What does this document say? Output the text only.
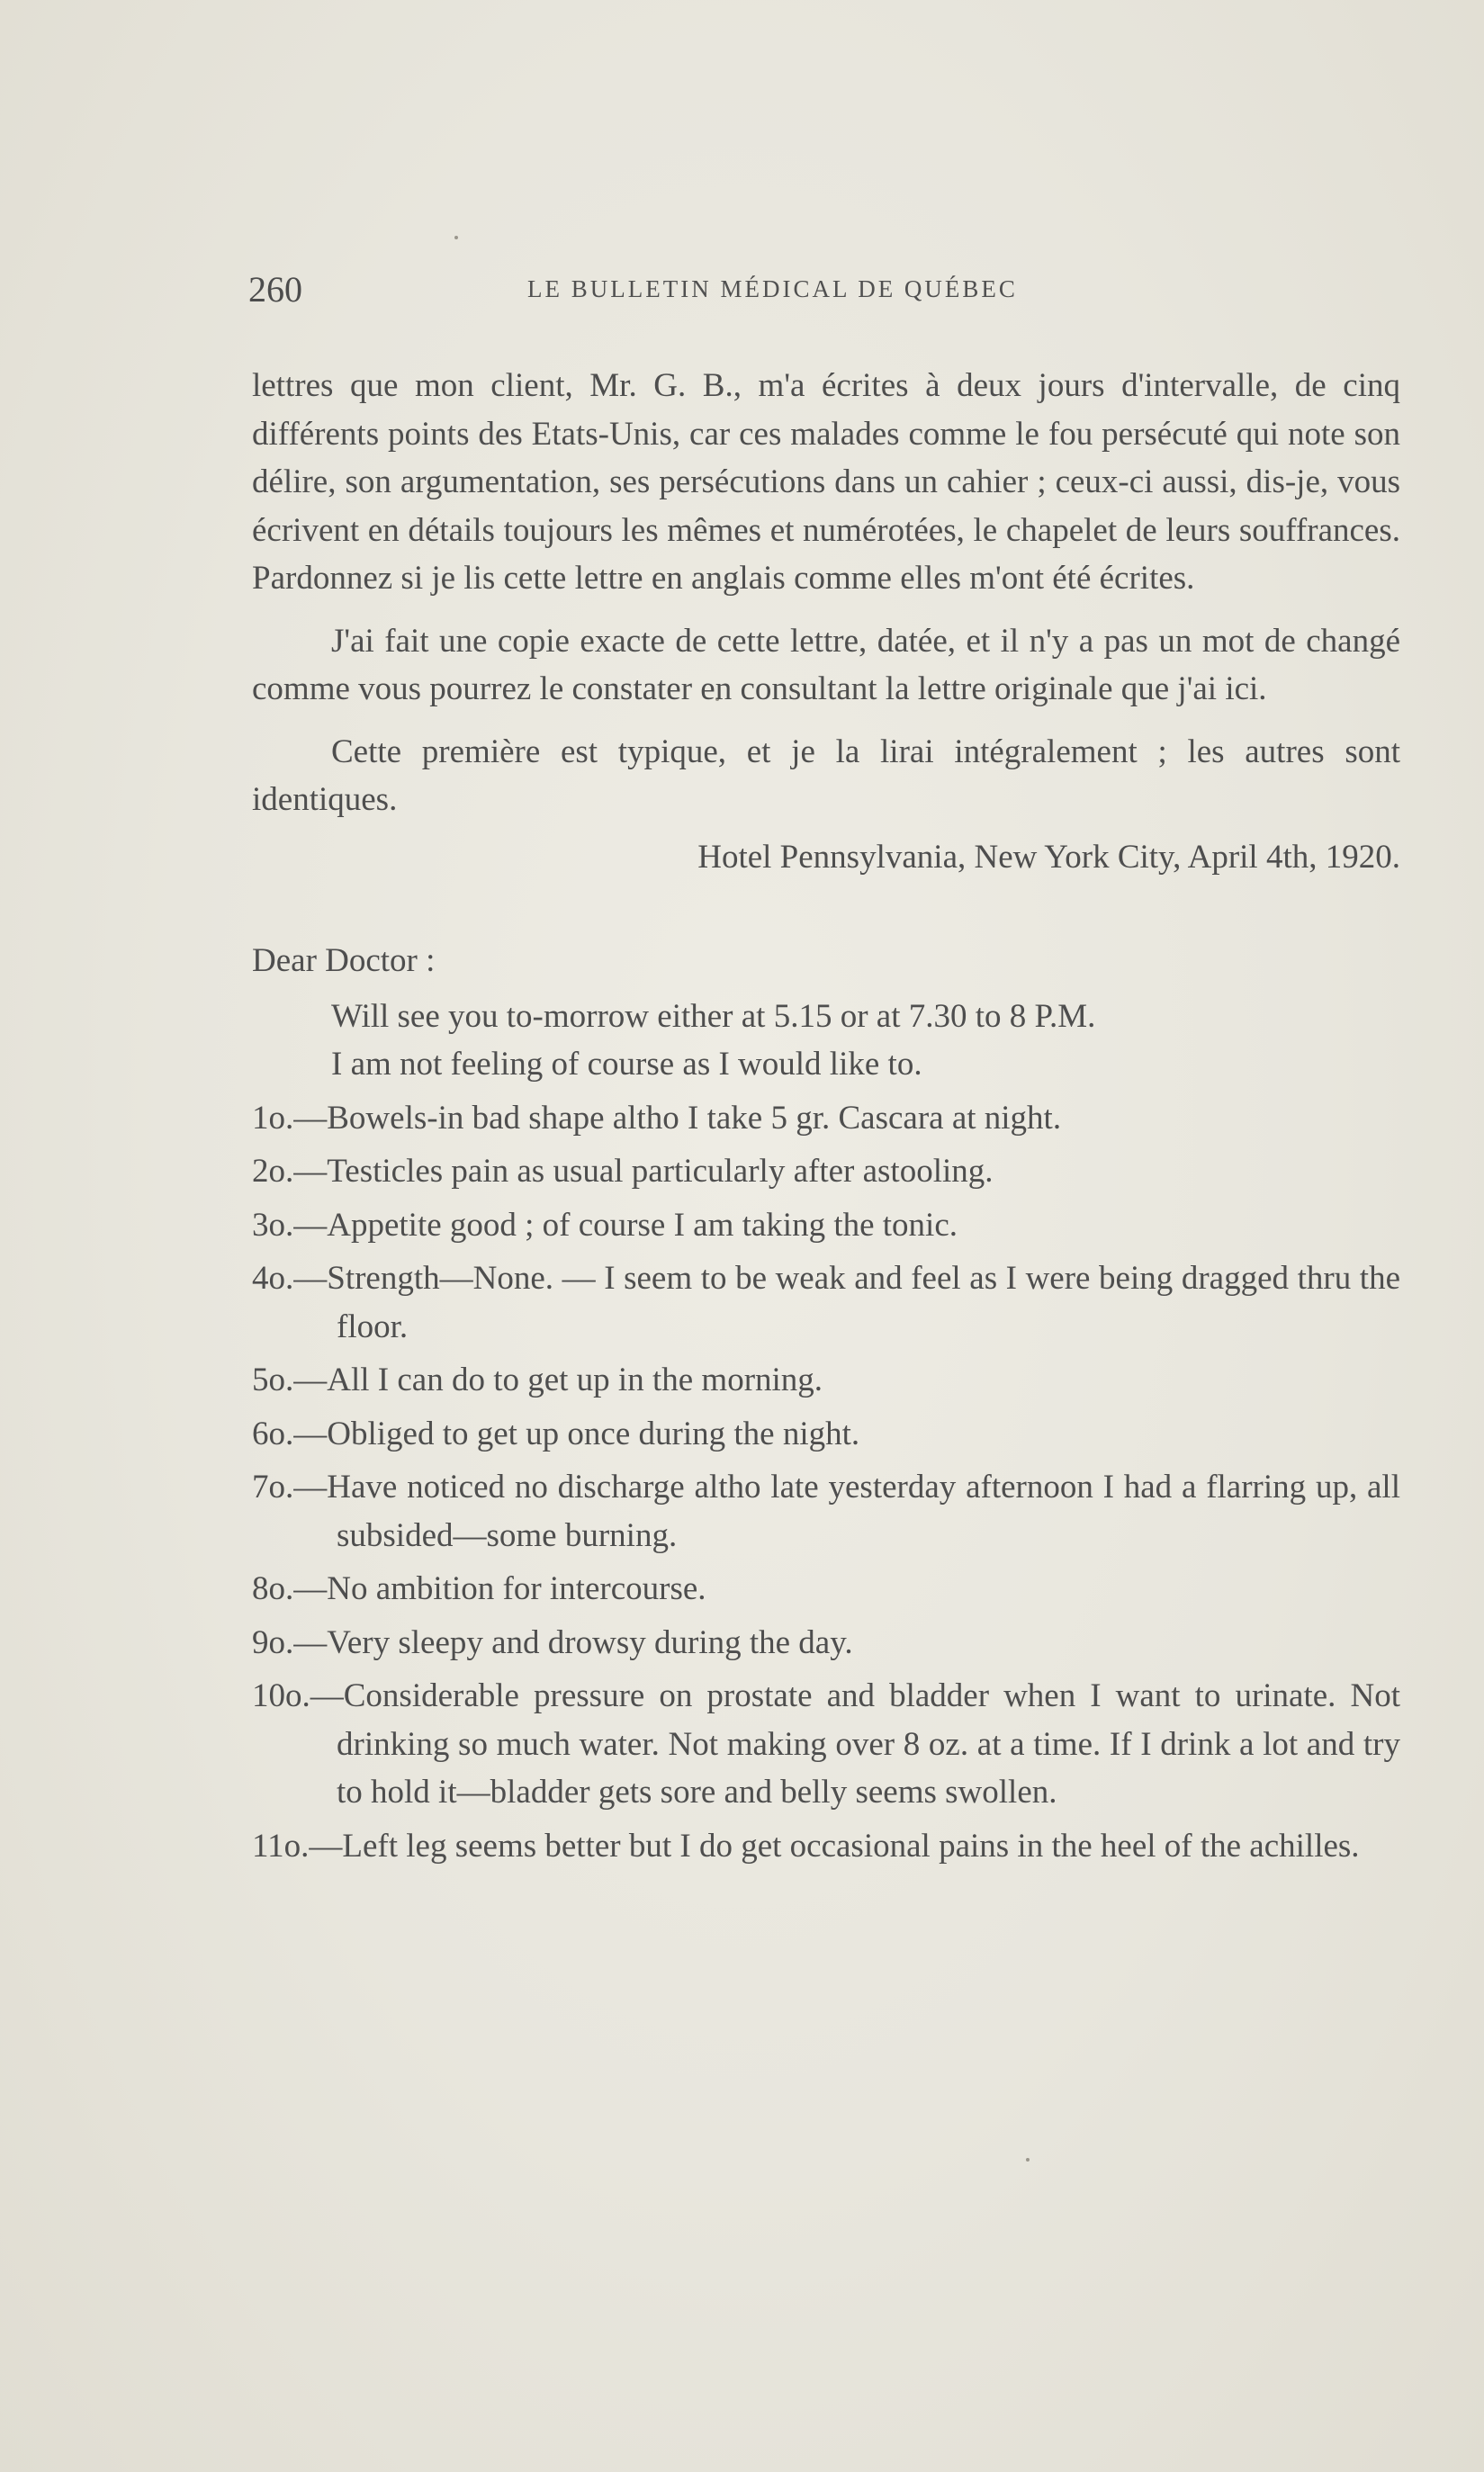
260	LE BULLETIN MÉDICAL DE QUÉBEC

lettres que mon client, Mr. G. B., m'a écrites à deux jours d'intervalle, de cinq différents points des Etats-Unis, car ces malades comme le fou persécuté qui note son délire, son argumentation, ses persécutions dans un cahier ; ceux-ci aussi, dis-je, vous écrivent en détails toujours les mêmes et numérotées, le chapelet de leurs souffrances. Pardonnez si je lis cette lettre en anglais comme elles m'ont été écrites.

J'ai fait une copie exacte de cette lettre, datée, et il n'y a pas un mot de changé comme vous pourrez le constater en consultant la lettre originale que j'ai ici.

Cette première est typique, et je la lirai intégralement ; les autres sont identiques.

Hotel Pennsylvania, New York City, April 4th, 1920.

Dear Doctor :

Will see you to-morrow either at 5.15 or at 7.30 to 8 P.M.

I am not feeling of course as I would like to.

1o.—Bowels-in bad shape altho I take 5 gr. Cascara at night.

2o.—Testicles pain as usual particularly after astooling.

3o.—Appetite good ; of course I am taking the tonic.

4o.—Strength—None. — I seem to be weak and feel as I were being dragged thru the floor.

5o.—All I can do to get up in the morning.

6o.—Obliged to get up once during the night.

7o.—Have noticed no discharge altho late yesterday afternoon I had a flarring up, all subsided—some burning.

8o.—No ambition for intercourse.

9o.—Very sleepy and drowsy during the day.

10o.—Considerable pressure on prostate and bladder when I want to urinate. Not drinking so much water. Not making over 8 oz. at a time. If I drink a lot and try to hold it—bladder gets sore and belly seems swollen.

11o.—Left leg seems better but I do get occasional pains in the heel of the achilles.
